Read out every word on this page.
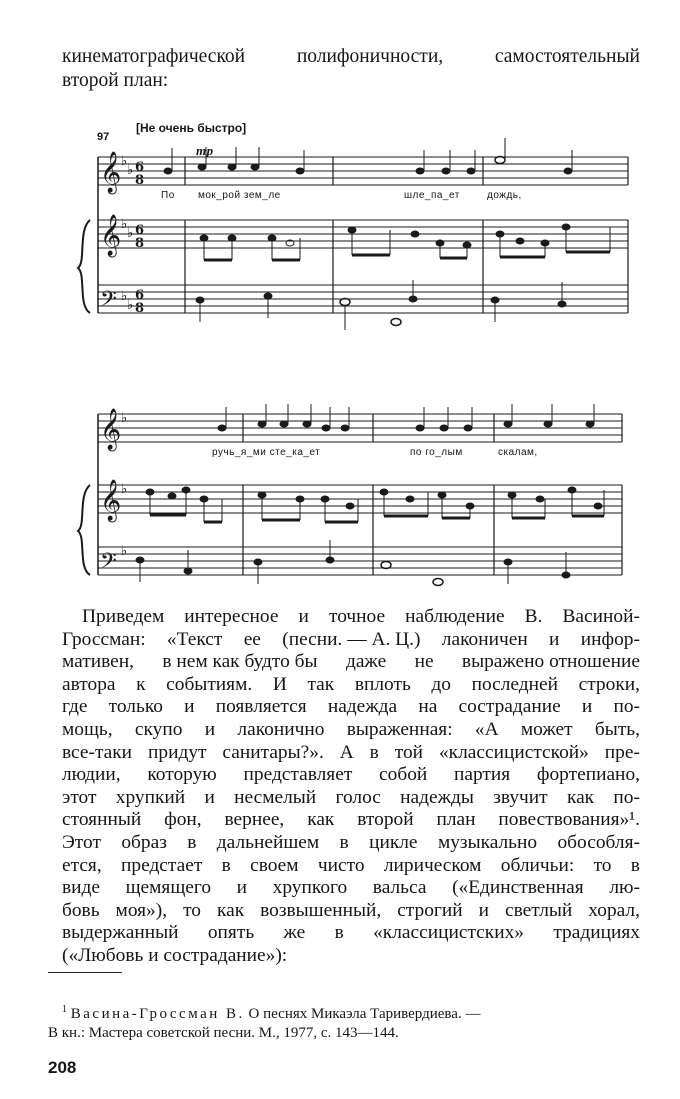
кинематографической	полифоничности,	самостоятельный
второй план:
97
[Не очень быстро]
mp
𝄞
𝄞
𝄢
𝄞
𝄞
𝄢
♭
♭
♭
♭
♭
♭
♭
♭
♭
6
8
6
8
6
8
По мок_рой зем_ле	шле_па_ет	дождь,
ручь_я_ми сте_ка_ет	по го_лым	скалам,
Приведем интересное и точное наблюдение В. Васиной-
Гроссман: «Текст ее (песни. — А. Ц.) лаконичен и инфор-
мативен, в нем как будто бы даже не выражено отношение
автора к событиям. И так вплоть до последней строки,
где только и появляется надежда на сострадание и по-
мощь, скупо и лаконично выраженная: «А может быть,
все-таки придут санитары?». А в той «классицистской» пре-
людии, которую представляет собой партия фортепиано,
этот хрупкий и несмелый голос надежды звучит как по-
стоянный фон, вернее, как второй план повествования»¹.
Этот образ в дальнейшем в цикле музыкально обособля-
ется, предстает в своем чисто лирическом обличьи: то в
виде щемящего и хрупкого вальса («Единственная лю-
бовь моя»), то как возвышенный, строгий и светлый хорал,
выдержанный опять же в «классицистских» традициях
(«Любовь и сострадание»):
$^1$ Васина-Гроссман В. О песнях Микаэла Таривердиева. —
В кн.: Мастера советской песни. М., 1977, с. 143—144.
208
